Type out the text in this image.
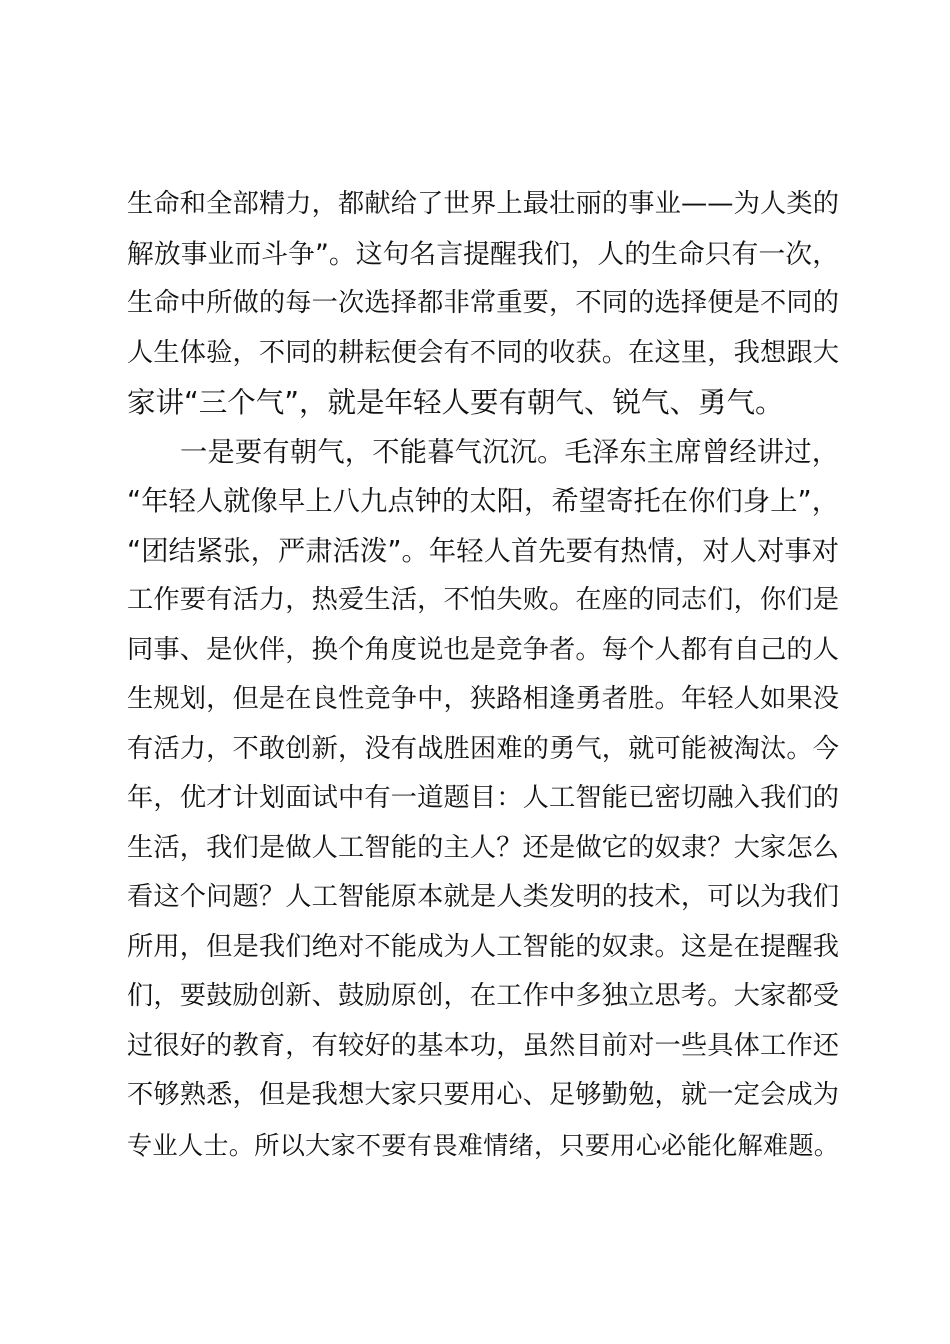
生命和全部精力，都献给了世界上最壮丽的事业——为人类的
解放事业而斗争”。这句名言提醒我们，人的生命只有一次，
生命中所做的每一次选择都非常重要，不同的选择便是不同的
人生体验，不同的耕耘便会有不同的收获。在这里，我想跟大
家讲“三个气”，就是年轻人要有朝气、锐气、勇气。
一是要有朝气，不能暮气沉沉。毛泽东主席曾经讲过，
“年轻人就像早上八九点钟的太阳，希望寄托在你们身上”，
“团结紧张，严肃活泼”。年轻人首先要有热情，对人对事对
工作要有活力，热爱生活，不怕失败。在座的同志们，你们是
同事、是伙伴，换个角度说也是竞争者。每个人都有自己的人
生规划，但是在良性竞争中，狭路相逢勇者胜。年轻人如果没
有活力，不敢创新，没有战胜困难的勇气，就可能被淘汰。今
年，优才计划面试中有一道题目：人工智能已密切融入我们的
生活，我们是做人工智能的主人？还是做它的奴隶？大家怎么
看这个问题？人工智能原本就是人类发明的技术，可以为我们
所用，但是我们绝对不能成为人工智能的奴隶。这是在提醒我
们，要鼓励创新、鼓励原创，在工作中多独立思考。大家都受
过很好的教育，有较好的基本功，虽然目前对一些具体工作还
不够熟悉，但是我想大家只要用心、足够勤勉，就一定会成为
专业人士。所以大家不要有畏难情绪，只要用心必能化解难题。
